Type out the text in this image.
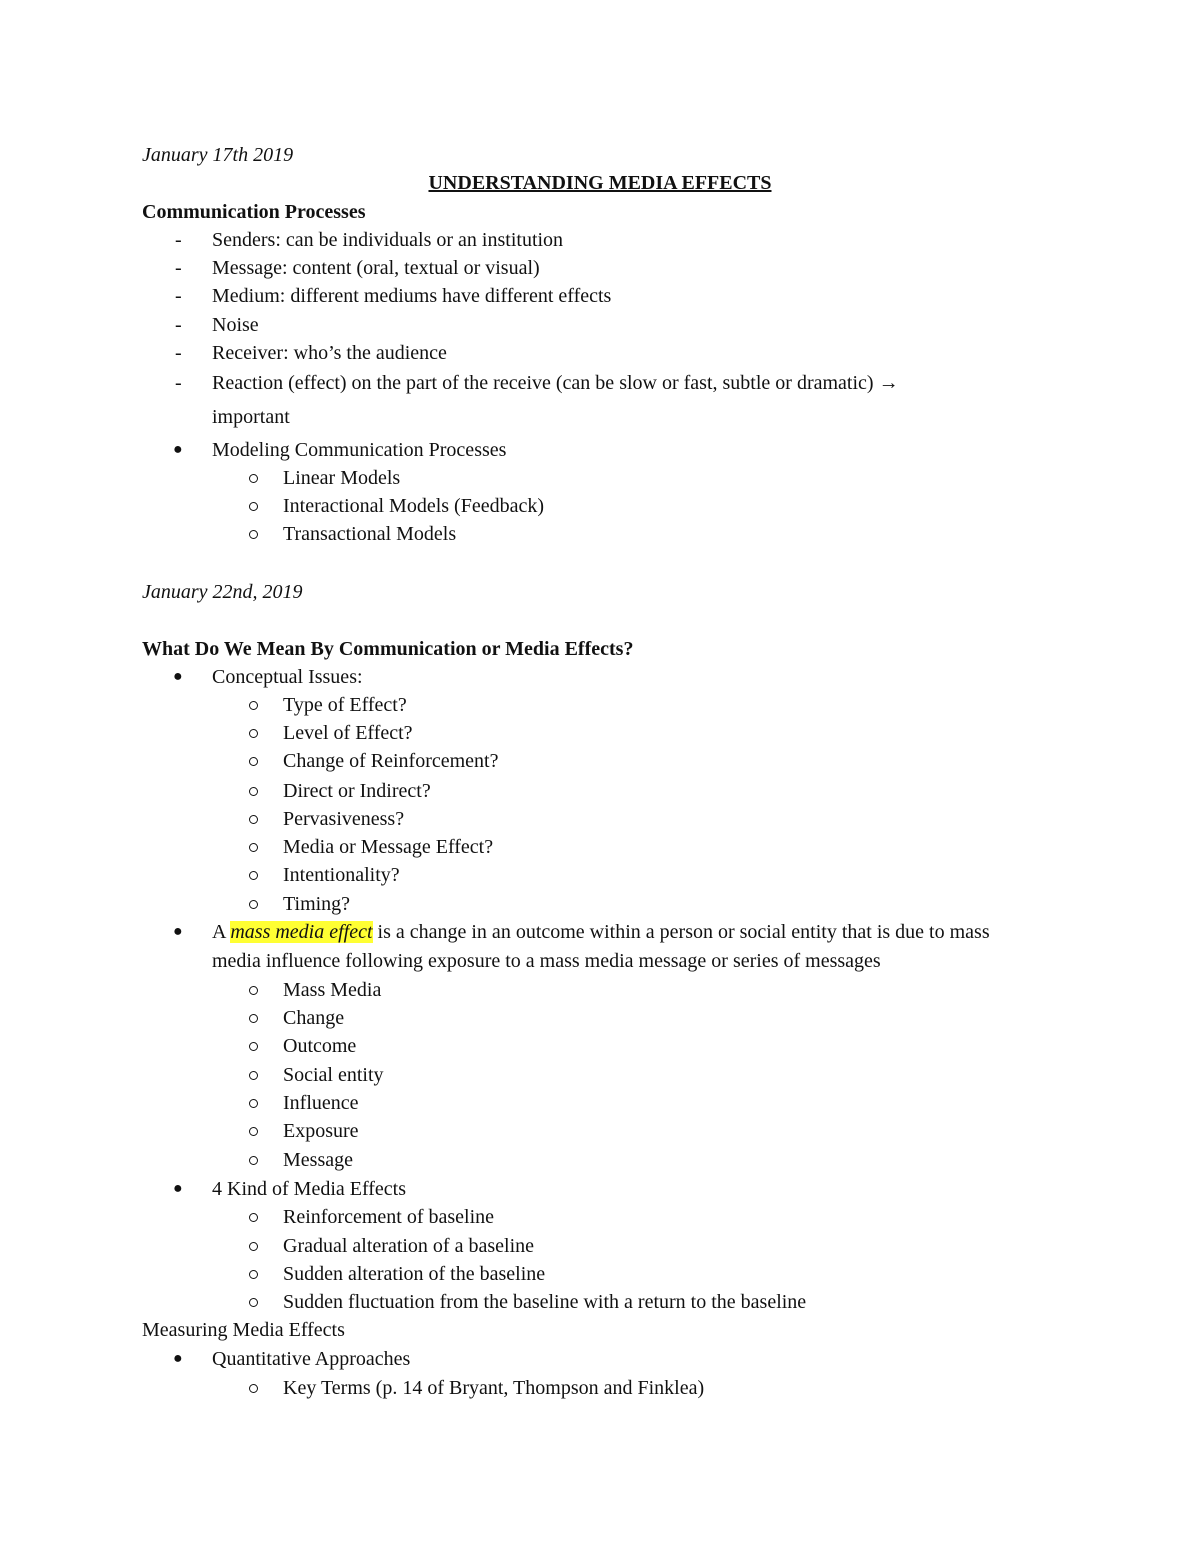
January 17th 2019
UNDERSTANDING MEDIA EFFECTS
Communication Processes
- Senders: can be individuals or an institution
- Message: content (oral, textual or visual)
- Medium: different mediums have different effects
- Noise
- Receiver: who’s the audience
- Reaction (effect) on the part of the receive (can be slow or fast, subtle or dramatic) →
important
● Modeling Communication Processes
Linear Models
Interactional Models (Feedback)
Transactional Models
January 22nd, 2019
What Do We Mean By Communication or Media Effects?
● Conceptual Issues:
Type of Effect?
Level of Effect?
Change of Reinforcement?
Direct or Indirect?
Pervasiveness?
Media or Message Effect?
Intentionality?
Timing?
● A mass media effect is a change in an outcome within a person or social entity that is due to mass
media influence following exposure to a mass media message or series of messages
Mass Media
Change
Outcome
Social entity
Influence
Exposure
Message
● 4 Kind of Media Effects
Reinforcement of baseline
Gradual alteration of a baseline
Sudden alteration of the baseline
Sudden fluctuation from the baseline with a return to the baseline
Measuring Media Effects
● Quantitative Approaches
Key Terms (p. 14 of Bryant, Thompson and Finklea)
